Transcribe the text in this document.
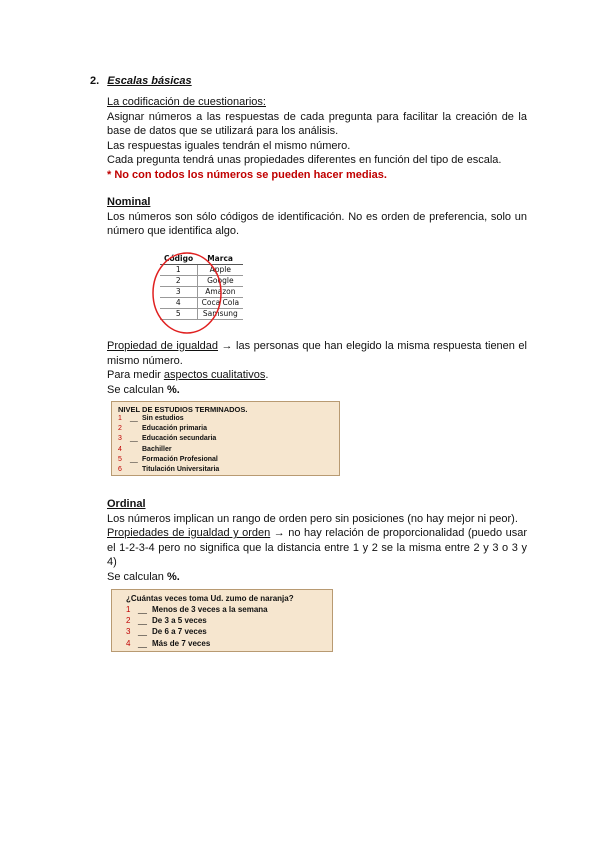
2. Escalas básicas
La codificación de cuestionarios:
Asignar números a las respuestas de cada pregunta para facilitar la creación de la base de datos que se utilizará para los análisis.
Las respuestas iguales tendrán el mismo número.
Cada pregunta tendrá unas propiedades diferentes en función del tipo de escala.
* No con todos los números se pueden hacer medias.
Nominal
Los números son sólo códigos de identificación. No es orden de preferencia, solo un número que identifica algo.
Código	Marca
1	Apple
2	Google
3	Amazon
4	Coca Cola
5	Samsung
Propiedad de igualdad → las personas que han elegido la misma respuesta tienen el mismo número.
Para medir aspectos cualitativos.
Se calculan %.
NIVEL DE ESTUDIOS TERMINADOS.
1 __ Sin estudios
2	Educación primaria
3 __ Educación secundaria
4	Bachiller
5 __ Formación Profesional
6	Titulación Universitaria
Ordinal
Los números implican un rango de orden pero sin posiciones (no hay mejor ni peor).
Propiedades de igualdad y orden → no hay relación de proporcionalidad (puedo usar el 1-2-3-4 pero no significa que la distancia entre 1 y 2 se la misma entre 2 y 3 o 3 y 4)
Se calculan %.
¿Cuántas veces toma Ud. zumo de naranja?
1 __ Menos de 3 veces a la semana
2 __ De 3 a 5 veces
3 __ De 6 a 7 veces
4 __ Más de 7 veces
